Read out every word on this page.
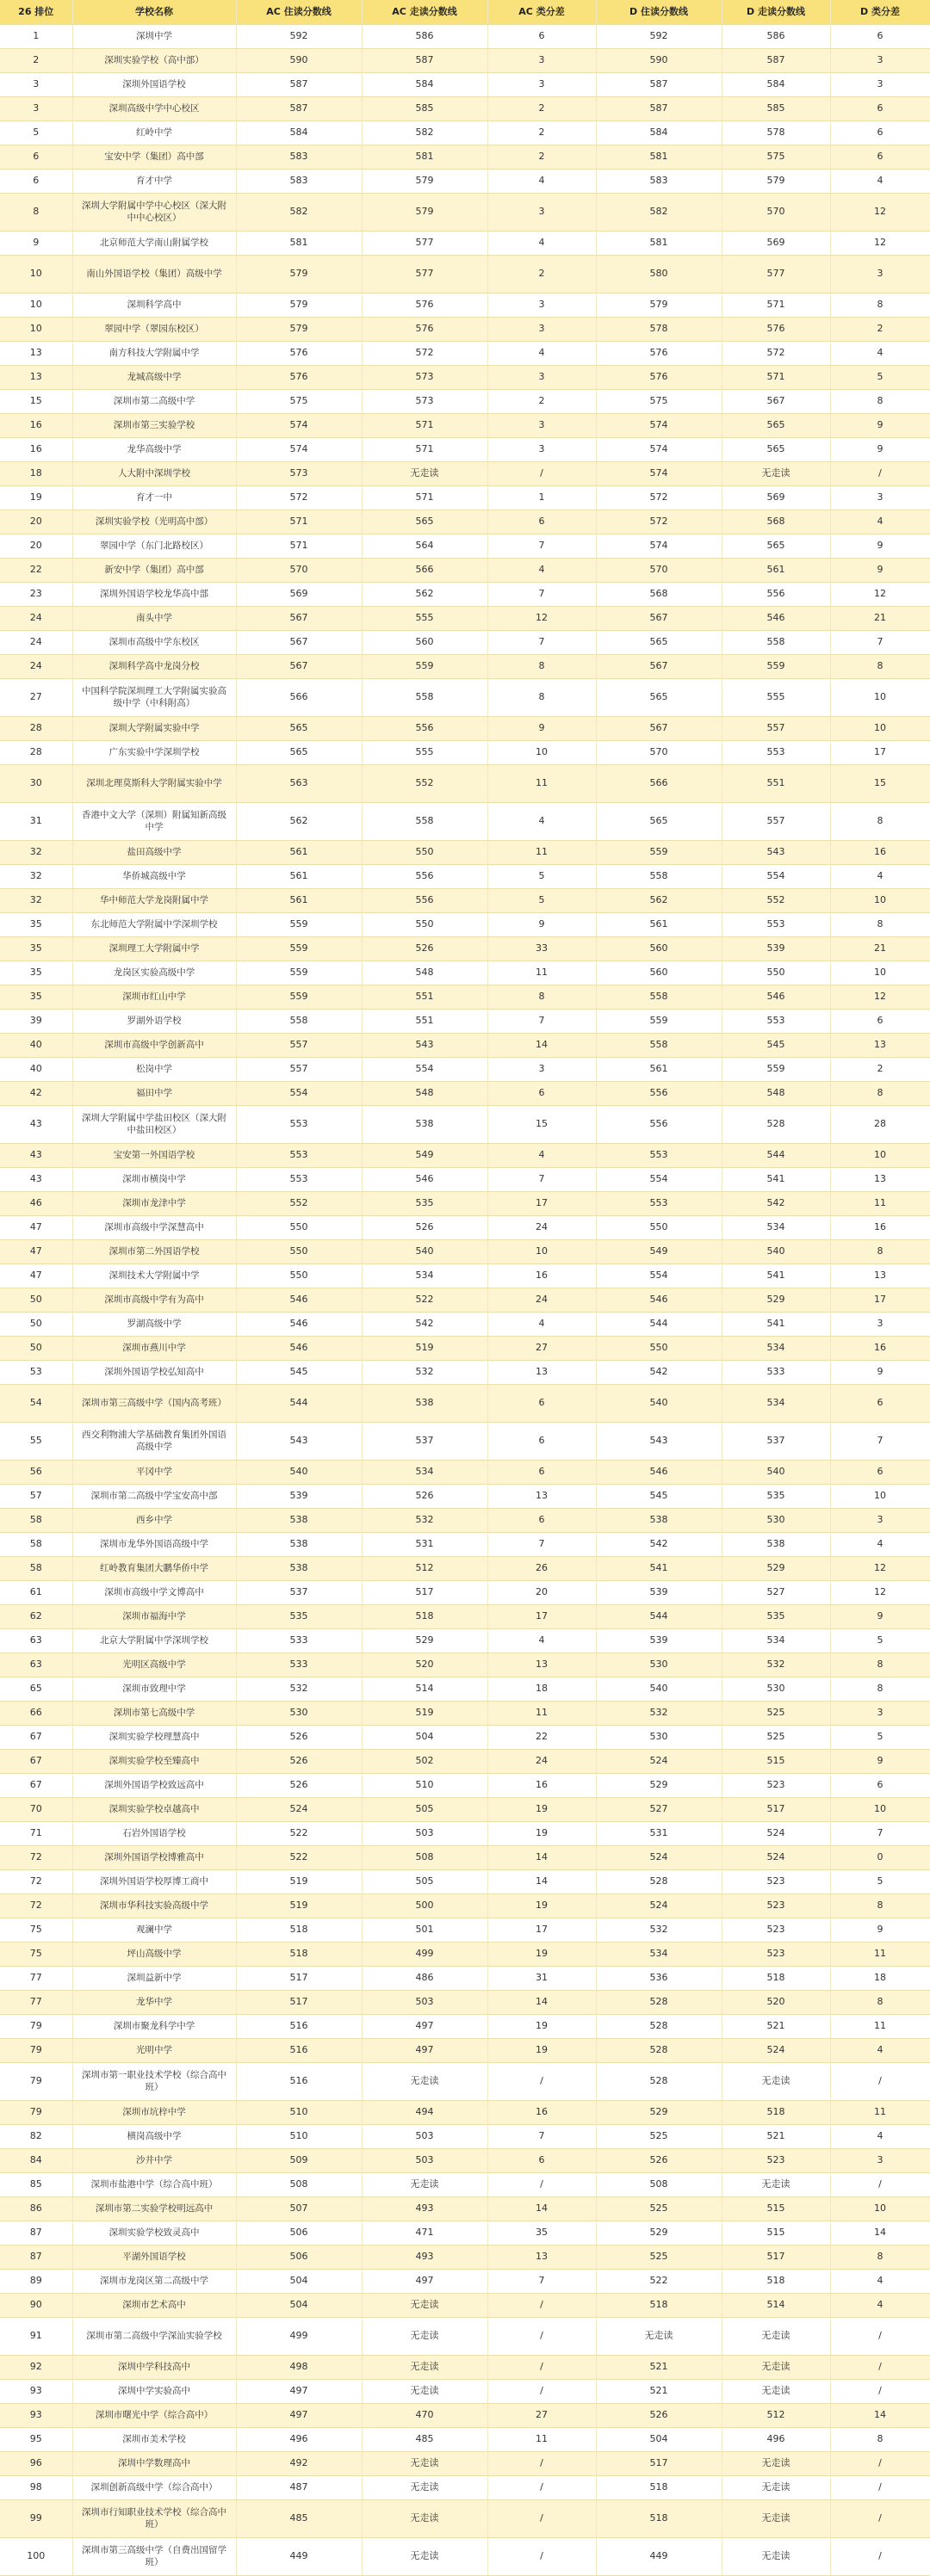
26 排位	学校名称	AC 住读分数线	AC 走读分数线	AC 类分差	D 住读分数线	D 走读分数线	D 类分差
1	深圳中学	592	586	6	592	586	6
2	深圳实验学校（高中部）	590	587	3	590	587	3
3	深圳外国语学校	587	584	3	587	584	3
3	深圳高级中学中心校区	587	585	2	587	585	6
5	红岭中学	584	582	2	584	578	6
6	宝安中学（集团）高中部	583	581	2	581	575	6
6	育才中学	583	579	4	583	579	4
8	深圳大学附属中学中心校区（深大附中中心校区）	582	579	3	582	570	12
9	北京师范大学南山附属学校	581	577	4	581	569	12
10	南山外国语学校（集团）高级中学	579	577	2	580	577	3
10	深圳科学高中	579	576	3	579	571	8
10	翠园中学（翠园东校区）	579	576	3	578	576	2
13	南方科技大学附属中学	576	572	4	576	572	4
13	龙城高级中学	576	573	3	576	571	5
15	深圳市第二高级中学	575	573	2	575	567	8
16	深圳市第三实验学校	574	571	3	574	565	9
16	龙华高级中学	574	571	3	574	565	9
18	人大附中深圳学校	573	无走读	/	574	无走读	/
19	育才一中	572	571	1	572	569	3
20	深圳实验学校（光明高中部）	571	565	6	572	568	4
20	翠园中学（东门北路校区）	571	564	7	574	565	9
22	新安中学（集团）高中部	570	566	4	570	561	9
23	深圳外国语学校龙华高中部	569	562	7	568	556	12
24	南头中学	567	555	12	567	546	21
24	深圳市高级中学东校区	567	560	7	565	558	7
24	深圳科学高中龙岗分校	567	559	8	567	559	8
27	中国科学院深圳理工大学附属实验高级中学（中科附高）	566	558	8	565	555	10
28	深圳大学附属实验中学	565	556	9	567	557	10
28	广东实验中学深圳学校	565	555	10	570	553	17
30	深圳北理莫斯科大学附属实验中学	563	552	11	566	551	15
31	香港中文大学（深圳）附属知新高级中学	562	558	4	565	557	8
32	盐田高级中学	561	550	11	559	543	16
32	华侨城高级中学	561	556	5	558	554	4
32	华中师范大学龙岗附属中学	561	556	5	562	552	10
35	东北师范大学附属中学深圳学校	559	550	9	561	553	8
35	深圳理工大学附属中学	559	526	33	560	539	21
35	龙岗区实验高级中学	559	548	11	560	550	10
35	深圳市红山中学	559	551	8	558	546	12
39	罗湖外语学校	558	551	7	559	553	6
40	深圳市高级中学创新高中	557	543	14	558	545	13
40	松岗中学	557	554	3	561	559	2
42	福田中学	554	548	6	556	548	8
43	深圳大学附属中学盐田校区（深大附中盐田校区）	553	538	15	556	528	28
43	宝安第一外国语学校	553	549	4	553	544	10
43	深圳市横岗中学	553	546	7	554	541	13
46	深圳市龙津中学	552	535	17	553	542	11
47	深圳市高级中学深慧高中	550	526	24	550	534	16
47	深圳市第二外国语学校	550	540	10	549	540	8
47	深圳技术大学附属中学	550	534	16	554	541	13
50	深圳市高级中学有为高中	546	522	24	546	529	17
50	罗湖高级中学	546	542	4	544	541	3
50	深圳市燕川中学	546	519	27	550	534	16
53	深圳外国语学校弘知高中	545	532	13	542	533	9
54	深圳市第三高级中学（国内高考班）	544	538	6	540	534	6
55	西交利物浦大学基础教育集团外国语高级中学	543	537	6	543	537	7
56	平冈中学	540	534	6	546	540	6
57	深圳市第二高级中学宝安高中部	539	526	13	545	535	10
58	西乡中学	538	532	6	538	530	3
58	深圳市龙华外国语高级中学	538	531	7	542	538	4
58	红岭教育集团大鹏华侨中学	538	512	26	541	529	12
61	深圳市高级中学文博高中	537	517	20	539	527	12
62	深圳市福海中学	535	518	17	544	535	9
63	北京大学附属中学深圳学校	533	529	4	539	534	5
63	光明区高级中学	533	520	13	530	532	8
65	深圳市致理中学	532	514	18	540	530	8
66	深圳市第七高级中学	530	519	11	532	525	3
67	深圳实验学校理慧高中	526	504	22	530	525	5
67	深圳实验学校至臻高中	526	502	24	524	515	9
67	深圳外国语学校致远高中	526	510	16	529	523	6
70	深圳实验学校卓越高中	524	505	19	527	517	10
71	石岩外国语学校	522	503	19	531	524	7
72	深圳外国语学校博雅高中	522	508	14	524	524	0
72	深圳外国语学校厚博工商中	519	505	14	528	523	5
72	深圳市华科技实验高级中学	519	500	19	524	523	8
75	观澜中学	518	501	17	532	523	9
75	坪山高级中学	518	499	19	534	523	11
77	深圳益新中学	517	486	31	536	518	18
77	龙华中学	517	503	14	528	520	8
79	深圳市聚龙科学中学	516	497	19	528	521	11
79	光明中学	516	497	19	528	524	4
79	深圳市第一职业技术学校（综合高中班）	516	无走读	/	528	无走读	/
79	深圳市坑梓中学	510	494	16	529	518	11
82	横岗高级中学	510	503	7	525	521	4
84	沙井中学	509	503	6	526	523	3
85	深圳市盐港中学（综合高中班）	508	无走读	/	508	无走读	/
86	深圳市第二实验学校明远高中	507	493	14	525	515	10
87	深圳实验学校致灵高中	506	471	35	529	515	14
87	平湖外国语学校	506	493	13	525	517	8
89	深圳市龙岗区第二高级中学	504	497	7	522	518	4
90	深圳市艺术高中	504	无走读	/	518	514	4
91	深圳市第二高级中学深汕实验学校	499	无走读	/	无走读	无走读	/
92	深圳中学科技高中	498	无走读	/	521	无走读	/
93	深圳中学实验高中	497	无走读	/	521	无走读	/
93	深圳市曙光中学（综合高中）	497	470	27	526	512	14
95	深圳市美术学校	496	485	11	504	496	8
96	深圳中学数理高中	492	无走读	/	517	无走读	/
98	深圳创新高级中学（综合高中）	487	无走读	/	518	无走读	/
99	深圳市行知职业技术学校（综合高中班）	485	无走读	/	518	无走读	/
100	深圳市第三高级中学（自费出国留学班）	449	无走读	/	449	无走读	/
